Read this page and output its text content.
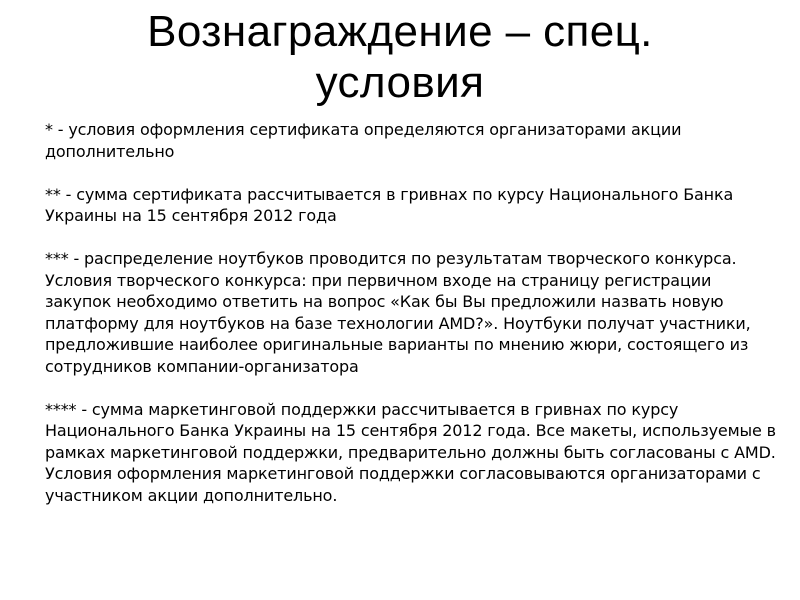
Вознаграждение – спец.
условия

* - условия оформления сертификата определяются организаторами акции дополнительно

** - сумма сертификата рассчитывается в гривнах по курсу Национального Банка Украины на 15 сентября 2012 года

*** - распределение ноутбуков проводится по результатам творческого конкурса. Условия творческого конкурса: при первичном входе на страницу регистрации закупок необходимо ответить на вопрос «Как бы Вы предложили назвать новую платформу для ноутбуков на базе технологии AMD?». Ноутбуки получат участники, предложившие наиболее оригинальные варианты по мнению жюри, состоящего из сотрудников компании-организатора

**** - сумма маркетинговой поддержки рассчитывается в гривнах по курсу Национального Банка Украины на 15 сентября 2012 года. Все макеты, используемые в рамках маркетинговой поддержки, предварительно должны быть согласованы с AMD. Условия оформления маркетинговой поддержки согласовываются организаторами с участником акции дополнительно.
